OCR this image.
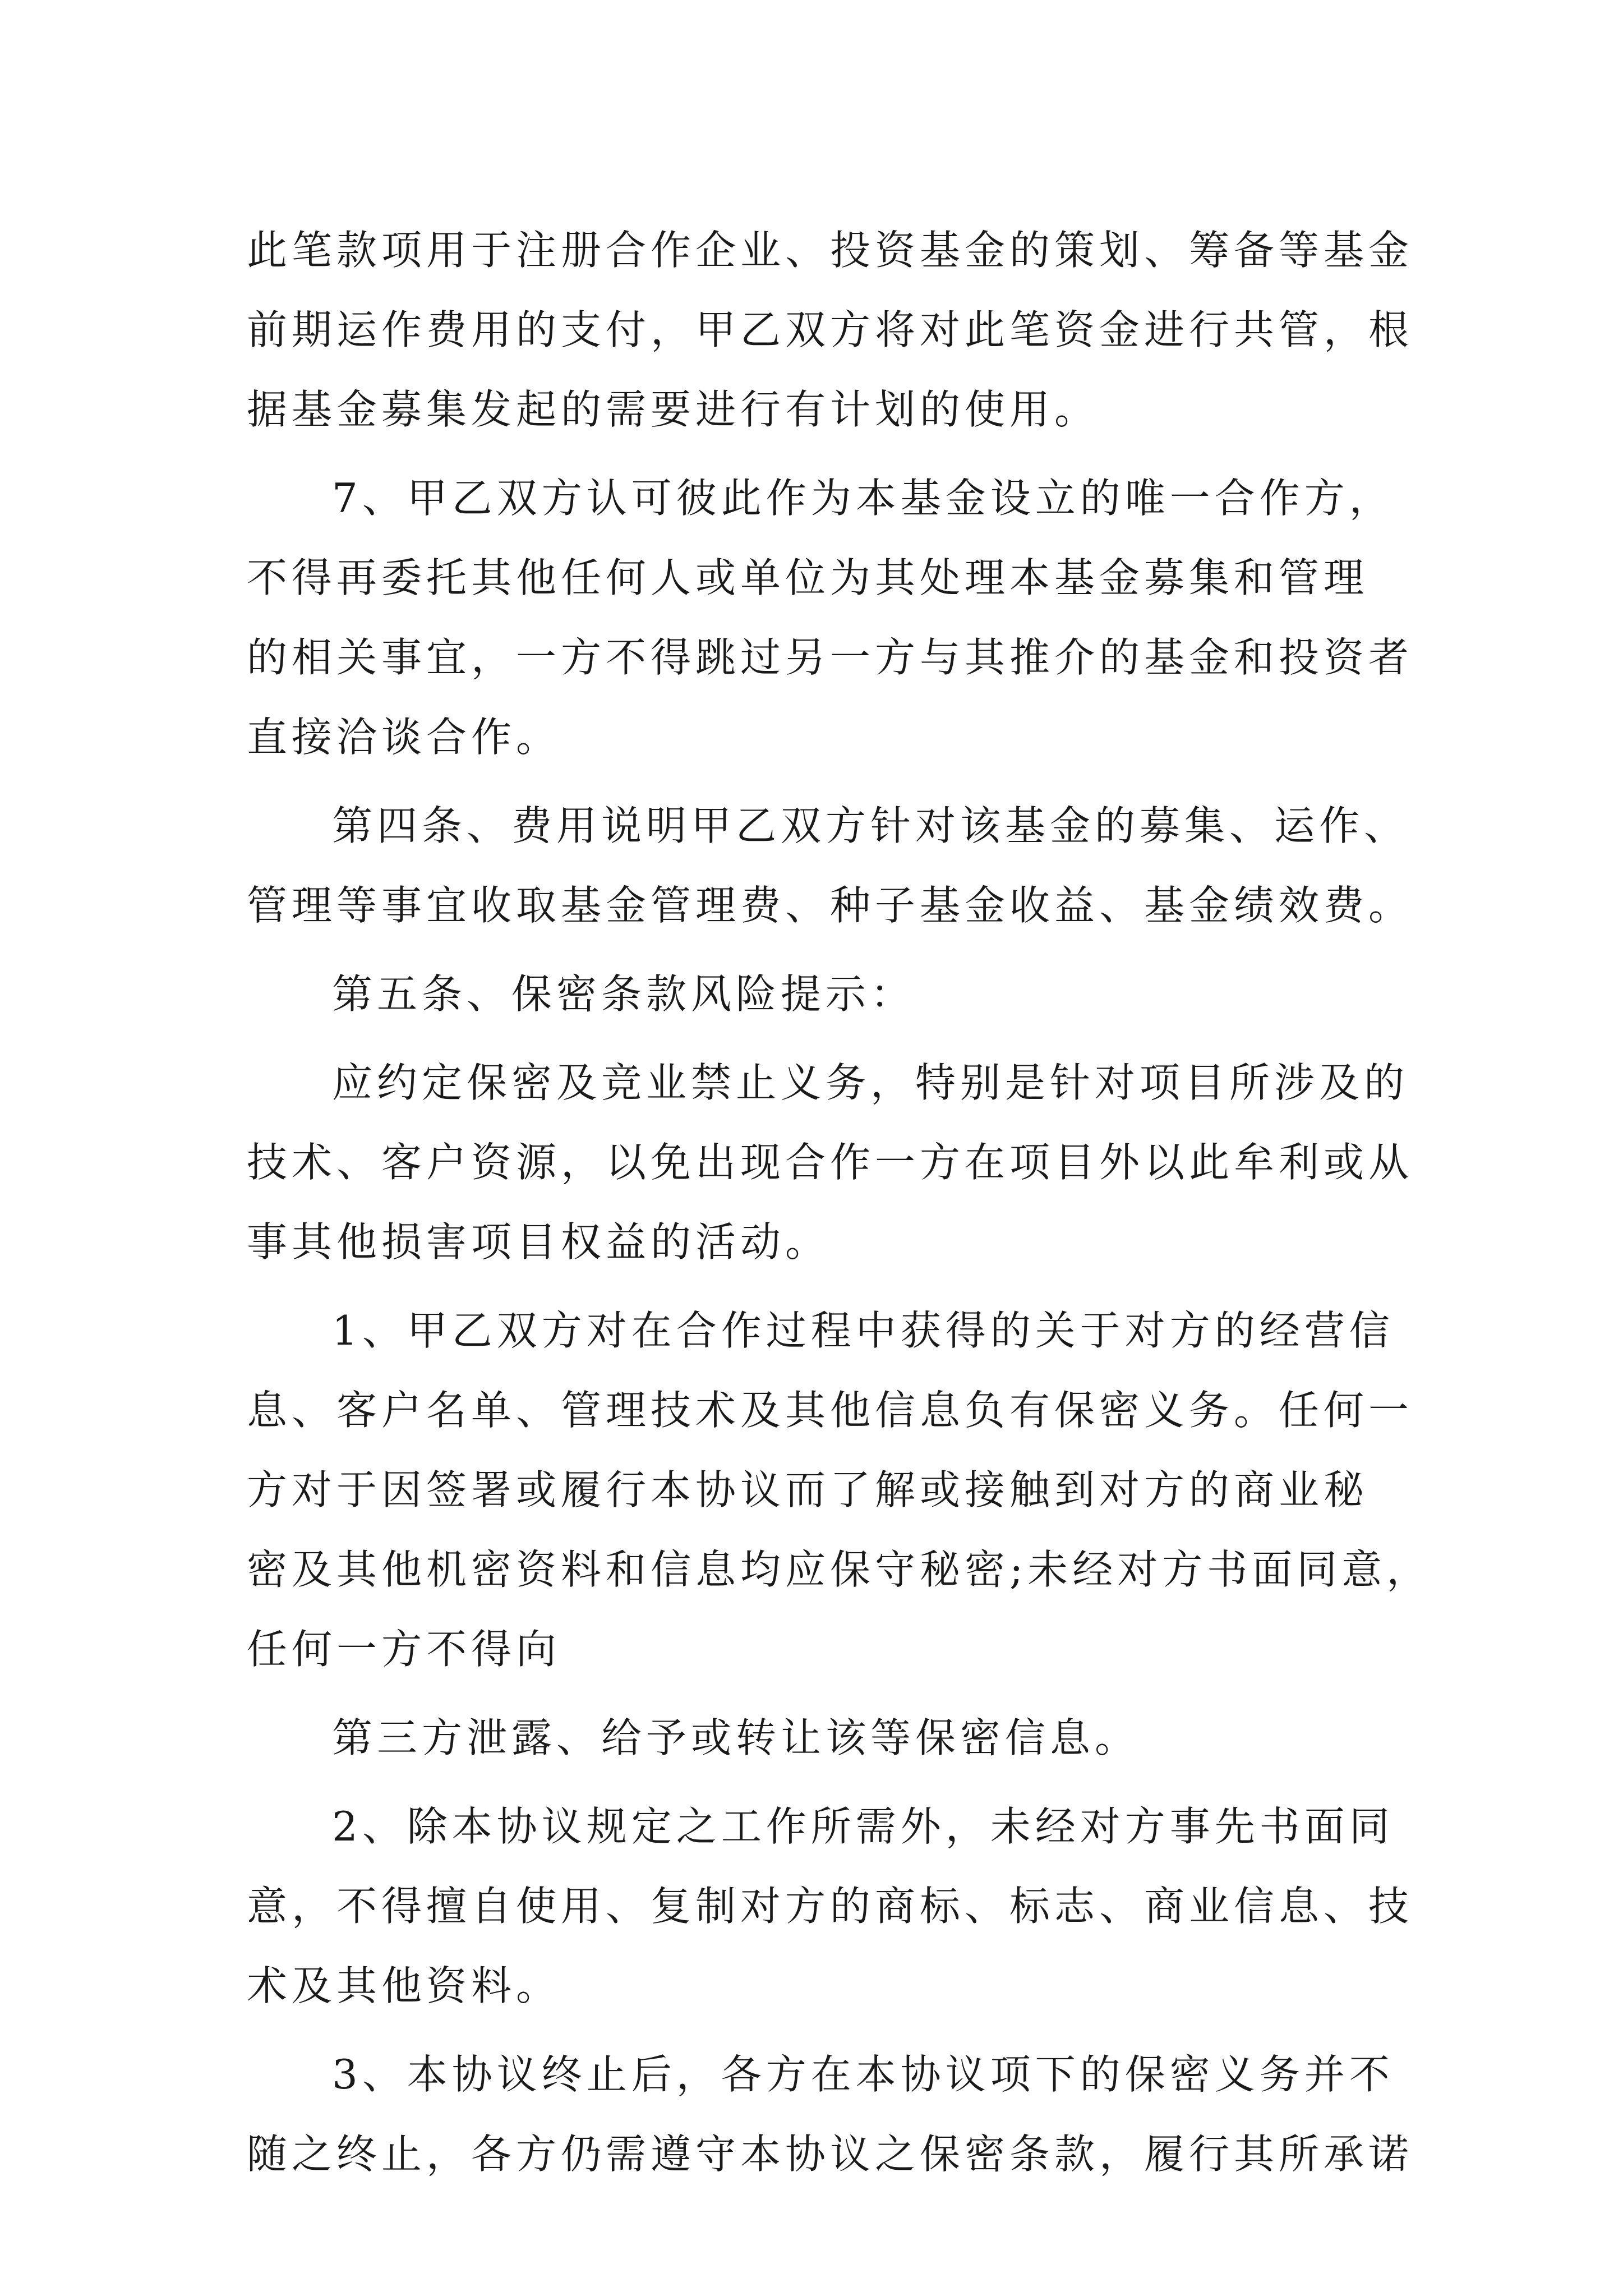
此笔款项用于注册合作企业、投资基金的策划、筹备等基金
前期运作费用的支付，甲乙双方将对此笔资金进行共管，根
据基金募集发起的需要进行有计划的使用。
7、甲乙双方认可彼此作为本基金设立的唯一合作方，
不得再委托其他任何人或单位为其处理本基金募集和管理
的相关事宜，一方不得跳过另一方与其推介的基金和投资者
直接洽谈合作。
第四条、费用说明甲乙双方针对该基金的募集、运作、
管理等事宜收取基金管理费、种子基金收益、基金绩效费。
第五条、保密条款风险提示：
应约定保密及竞业禁止义务，特别是针对项目所涉及的
技术、客户资源，以免出现合作一方在项目外以此牟利或从
事其他损害项目权益的活动。
1、甲乙双方对在合作过程中获得的关于对方的经营信
息、客户名单、管理技术及其他信息负有保密义务。任何一
方对于因签署或履行本协议而了解或接触到对方的商业秘
密及其他机密资料和信息均应保守秘密;未经对方书面同意，
任何一方不得向
第三方泄露、给予或转让该等保密信息。
2、除本协议规定之工作所需外，未经对方事先书面同
意，不得擅自使用、复制对方的商标、标志、商业信息、技
术及其他资料。
3、本协议终止后，各方在本协议项下的保密义务并不
随之终止，各方仍需遵守本协议之保密条款，履行其所承诺
